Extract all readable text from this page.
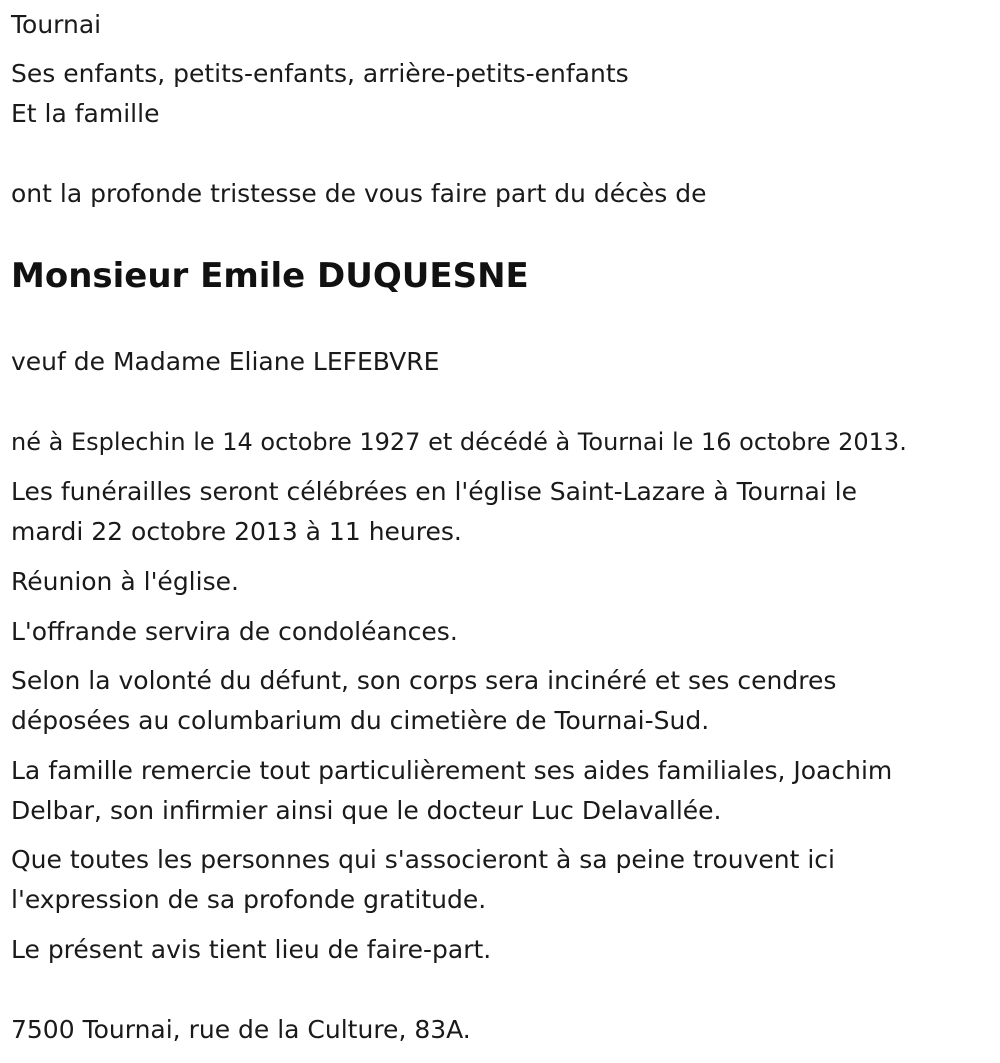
Tournai

Ses enfants, petits-enfants, arrière-petits-enfants

Et la famille

ont la profonde tristesse de vous faire part du décès de

Monsieur Emile DUQUESNE

veuf de Madame Eliane LEFEBVRE

né à Esplechin le 14 octobre 1927 et décédé à Tournai le 16 octobre 2013.

Les funérailles seront célébrées en l'église Saint-Lazare à Tournai le

mardi 22 octobre 2013 à 11 heures.

Réunion à l'église.

L'offrande servira de condoléances.

Selon la volonté du défunt, son corps sera incinéré et ses cendres

déposées au columbarium du cimetière de Tournai-Sud.

La famille remercie tout particulièrement ses aides familiales, Joachim

Delbar, son infirmier ainsi que le docteur Luc Delavallée.

Que toutes les personnes qui s'associeront à sa peine trouvent ici

l'expression de sa profonde gratitude.

Le présent avis tient lieu de faire-part.

7500 Tournai, rue de la Culture, 83A.
